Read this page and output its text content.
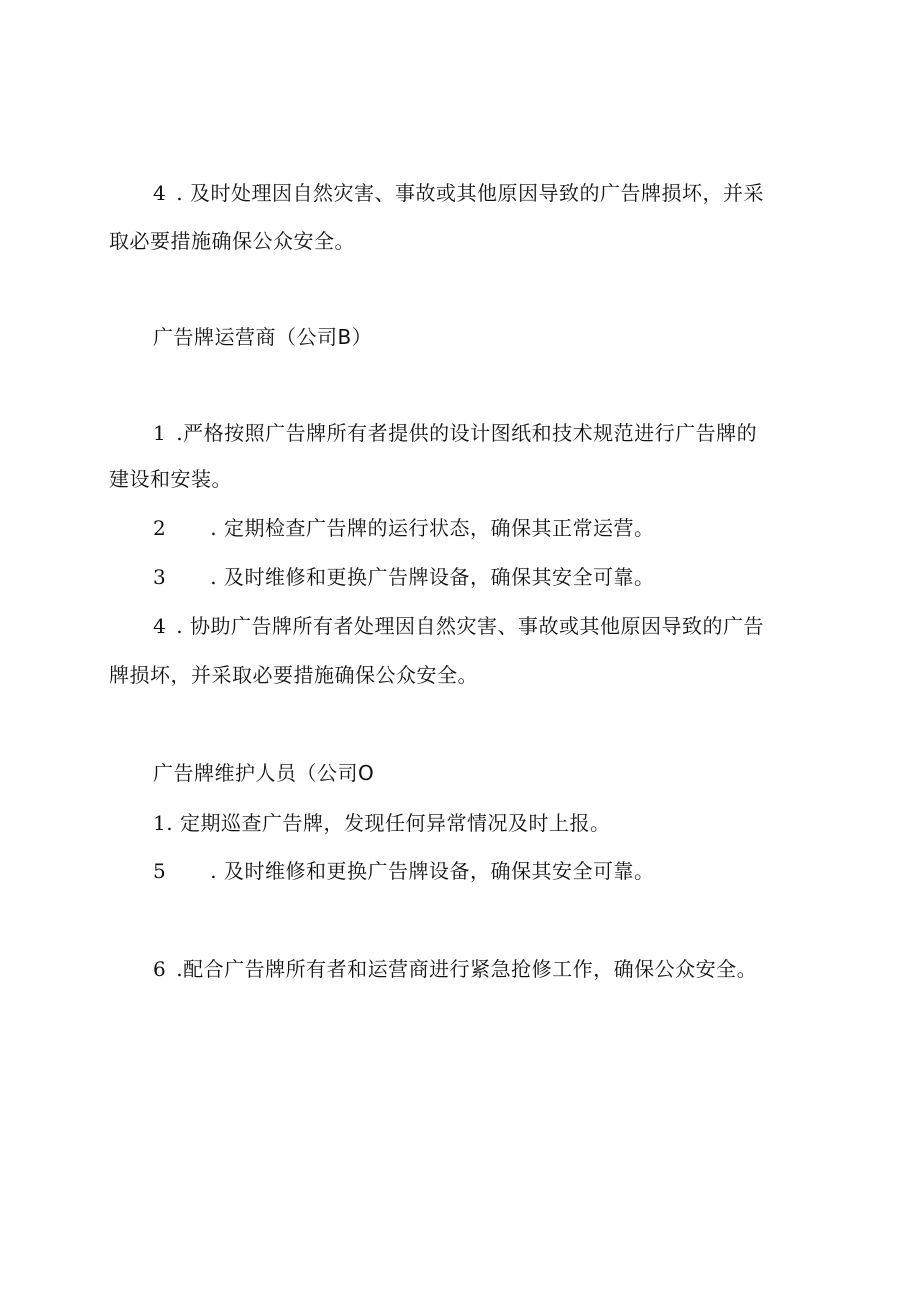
4 . 及时处理因自然灾害、事故或其他原因导致的广告牌损坏，并采
取必要措施确保公众安全。
广告牌运营商（公司B）
1 .严格按照广告牌所有者提供的设计图纸和技术规范进行广告牌的
建设和安装。
2 . 定期检查广告牌的运行状态，确保其正常运营。
3 . 及时维修和更换广告牌设备，确保其安全可靠。
4 . 协助广告牌所有者处理因自然灾害、事故或其他原因导致的广告
牌损坏，并采取必要措施确保公众安全。
广告牌维护人员（公司O
1. 定期巡查广告牌，发现任何异常情况及时上报。
5 . 及时维修和更换广告牌设备，确保其安全可靠。
6 .配合广告牌所有者和运营商进行紧急抢修工作，确保公众安全。
